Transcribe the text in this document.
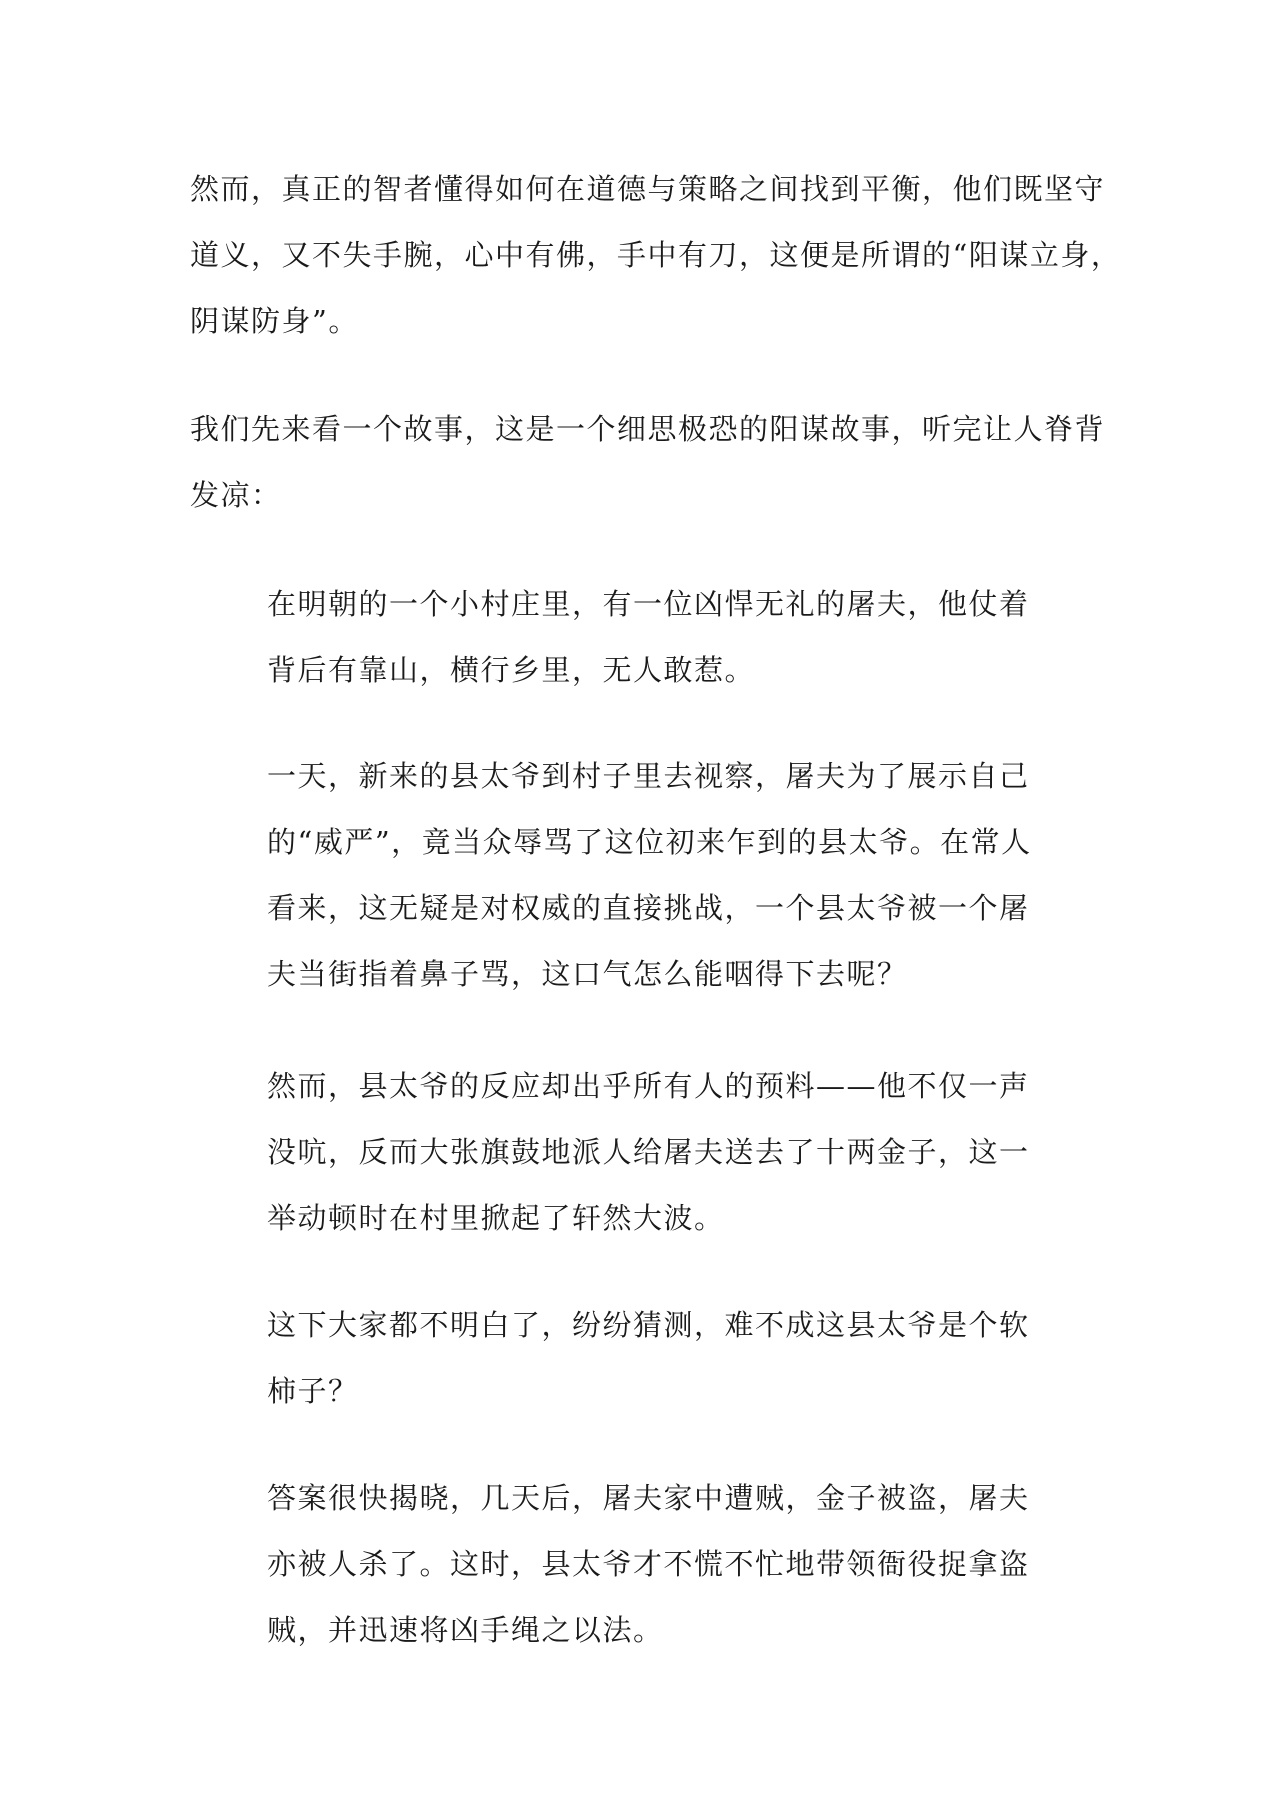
然而，真正的智者懂得如何在道德与策略之间找到平衡，他们既坚守
道义，又不失手腕，心中有佛，手中有刀，这便是所谓的“阳谋立身，
阴谋防身”。

我们先来看一个故事，这是一个细思极恐的阳谋故事，听完让人脊背
发凉：

在明朝的一个小村庄里，有一位凶悍无礼的屠夫，他仗着
背后有靠山，横行乡里，无人敢惹。

一天，新来的县太爷到村子里去视察，屠夫为了展示自己
的“威严”，竟当众辱骂了这位初来乍到的县太爷。在常人
看来，这无疑是对权威的直接挑战，一个县太爷被一个屠
夫当街指着鼻子骂，这口气怎么能咽得下去呢？

然而，县太爷的反应却出乎所有人的预料——他不仅一声
没吭，反而大张旗鼓地派人给屠夫送去了十两金子，这一
举动顿时在村里掀起了轩然大波。

这下大家都不明白了，纷纷猜测，难不成这县太爷是个软
柿子？

答案很快揭晓，几天后，屠夫家中遭贼，金子被盗，屠夫
亦被人杀了。这时，县太爷才不慌不忙地带领衙役捉拿盗
贼，并迅速将凶手绳之以法。
